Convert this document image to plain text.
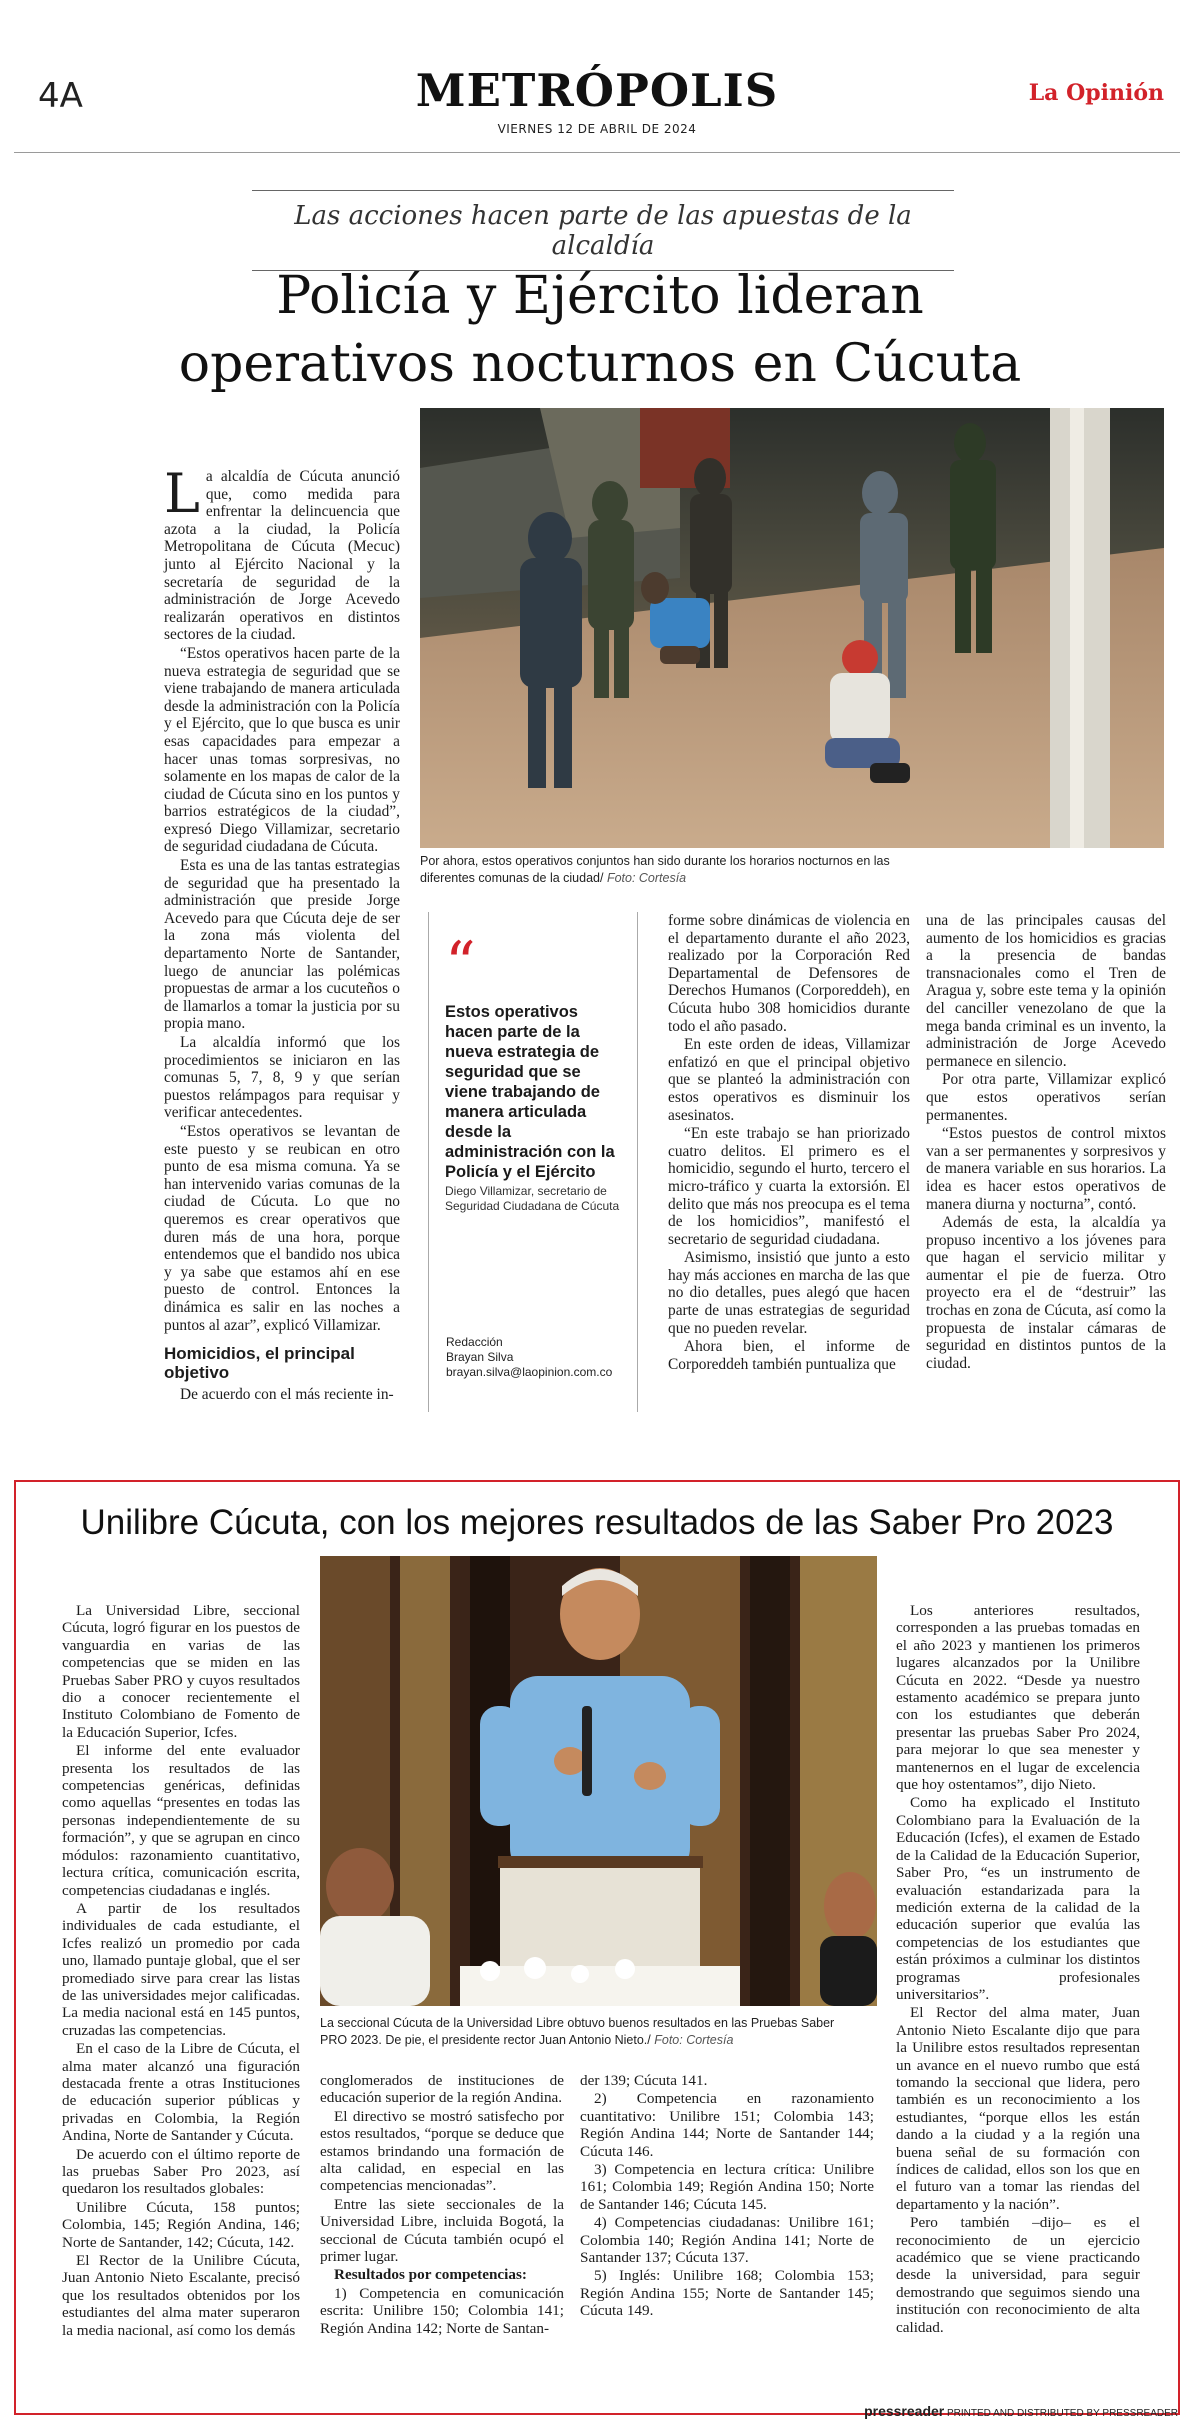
4A	METRÓPOLIS
VIERNES 12 DE ABRIL DE 2024
La Opinión
Las acciones hacen parte de las apuestas de la alcaldía
Policía y Ejército lideran operativos nocturnos en Cúcuta

La alcaldía de Cúcuta anunció que, como medida para enfrentar la delincuencia que azota a la ciudad, la Policía Metropolitana de Cúcuta (Mecuc) junto al Ejército Nacional y la secretaría de seguridad de la administración de Jorge Acevedo realizarán operativos en distintos sectores de la ciudad.

“Estos operativos hacen parte de la nueva estrategia de seguridad que se viene trabajando de manera articulada desde la administración con la Policía y el Ejército, que lo que busca es unir esas capacidades para empezar a hacer unas tomas sorpresivas, no solamente en los mapas de calor de la ciudad de Cúcuta sino en los puntos y barrios estratégicos de la ciudad”, expresó Diego Villamizar, secretario de seguridad ciudadana de Cúcuta.

Esta es una de las tantas estrategias de seguridad que ha presentado la administración que preside Jorge Acevedo para que Cúcuta deje de ser la zona más violenta del departamento Norte de Santander, luego de anunciar las polémicas propuestas de armar a los cucuteños o de llamarlos a tomar la justicia por su propia mano.

La alcaldía informó que los procedimientos se iniciaron en las comunas 5, 7, 8, 9 y que serían puestos relámpagos para requisar y verificar antecedentes.

“Estos operativos se levantan de este puesto y se reubican en otro punto de esa misma comuna. Ya se han intervenido varias comunas de la ciudad de Cúcuta. Lo que no queremos es crear operativos que duren más de una hora, porque entendemos que el bandido nos ubica y ya sabe que estamos ahí en ese puesto de control. Entonces la dinámica es salir en las noches a puntos al azar”, explicó Villamizar.

Homicidios, el principal objetivo

De acuerdo con el más reciente in-

Por ahora, estos operativos conjuntos han sido durante los horarios nocturnos en las diferentes comunas de la ciudad/ Foto: Cortesía
“
Estos operativos hacen parte de la nueva estrategia de seguridad que se viene trabajando de manera articulada desde la administración con la Policía y el Ejército
Diego Villamizar, secretario de Seguridad Ciudadana de Cúcuta
Redacción
Brayan Silva
brayan.silva@laopinion.com.co

forme sobre dinámicas de violencia en el departamento durante el año 2023, realizado por la Corporación Red Departamental de Defensores de Derechos Humanos (Corporeddeh), en Cúcuta hubo 308 homicidios durante todo el año pasado.

En este orden de ideas, Villamizar enfatizó en que el principal objetivo que se planteó la administración con estos operativos es disminuir los asesinatos.

“En este trabajo se han priorizado cuatro delitos. El primero es el homicidio, segundo el hurto, tercero el micro-tráfico y cuarta la extorsión. El delito que más nos preocupa es el tema de los homicidios”, manifestó el secretario de seguridad ciudadana.

Asimismo, insistió que junto a esto hay más acciones en marcha de las que no dio detalles, pues alegó que hacen parte de unas estrategias de seguridad que no pueden revelar.

Ahora bien, el informe de Corporeddeh también puntualiza que

una de las principales causas del aumento de los homicidios es gracias a la presencia de bandas transnacionales como el Tren de Aragua y, sobre este tema y la opinión del canciller venezolano de que la mega banda criminal es un invento, la administración de Jorge Acevedo permanece en silencio.

Por otra parte, Villamizar explicó que estos operativos serían permanentes.

“Estos puestos de control mixtos van a ser permanentes y sorpresivos y de manera variable en sus horarios. La idea es hacer estos operativos de manera diurna y nocturna”, contó.

Además de esta, la alcaldía ya propuso incentivo a los jóvenes para que hagan el servicio militar y aumentar el pie de fuerza. Otro proyecto era el de “destruir” las trochas en zona de Cúcuta, así como la propuesta de instalar cámaras de seguridad en distintos puntos de la ciudad.

Unilibre Cúcuta, con los mejores resultados de las Saber Pro 2023

La Universidad Libre, seccional Cúcuta, logró figurar en los puestos de vanguardia en varias de las competencias que se miden en las Pruebas Saber PRO y cuyos resultados dio a conocer recientemente el Instituto Colombiano de Fomento de la Educación Superior, Icfes.

El informe del ente evaluador presenta los resultados de las competencias genéricas, definidas como aquellas “presentes en todas las personas independientemente de su formación”, y que se agrupan en cinco módulos: razonamiento cuantitativo, lectura crítica, comunicación escrita, competencias ciudadanas e inglés.

A partir de los resultados individuales de cada estudiante, el Icfes realizó un promedio por cada uno, llamado puntaje global, que el ser promediado sirve para crear las listas de las universidades mejor calificadas. La media nacional está en 145 puntos, cruzadas las competencias.

En el caso de la Libre de Cúcuta, el alma mater alcanzó una figuración destacada frente a otras Instituciones de educación superior públicas y privadas en Colombia, la Región Andina, Norte de Santander y Cúcuta.

De acuerdo con el último reporte de las pruebas Saber Pro 2023, así quedaron los resultados globales:

Unilibre Cúcuta, 158 puntos; Colombia, 145; Región Andina, 146; Norte de Santander, 142; Cúcuta, 142.

El Rector de la Unilibre Cúcuta, Juan Antonio Nieto Escalante, precisó que los resultados obtenidos por los estudiantes del alma mater superaron la media nacional, así como los demás

La seccional Cúcuta de la Universidad Libre obtuvo buenos resultados en las Pruebas Saber PRO 2023. De pie, el presidente rector Juan Antonio Nieto./ Foto: Cortesía

conglomerados de instituciones de educación superior de la región Andina.

El directivo se mostró satisfecho por estos resultados, “porque se deduce que estamos brindando una formación de alta calidad, en especial en las competencias mencionadas”.

Entre las siete seccionales de la Universidad Libre, incluida Bogotá, la seccional de Cúcuta también ocupó el primer lugar.

Resultados por competencias:

1) Competencia en comunicación escrita: Unilibre 150; Colombia 141; Región Andina 142; Norte de Santan-

der 139; Cúcuta 141.

2) Competencia en razonamiento cuantitativo: Unilibre 151; Colombia 143; Región Andina 144; Norte de Santander 144; Cúcuta 146.

3) Competencia en lectura crítica: Unilibre 161; Colombia 149; Región Andina 150; Norte de Santander 146; Cúcuta 145.

4) Competencias ciudadanas: Unilibre 161; Colombia 140; Región Andina 141; Norte de Santander 137; Cúcuta 137.

5) Inglés: Unilibre 168; Colombia 153; Región Andina 155; Norte de Santander 145; Cúcuta 149.

Los anteriores resultados, corresponden a las pruebas tomadas en el año 2023 y mantienen los primeros lugares alcanzados por la Unilibre Cúcuta en 2022. “Desde ya nuestro estamento académico se prepara junto con los estudiantes que deberán presentar las pruebas Saber Pro 2024, para mejorar lo que sea menester y mantenernos en el lugar de excelencia que hoy ostentamos”, dijo Nieto.

Como ha explicado el Instituto Colombiano para la Evaluación de la Educación (Icfes), el examen de Estado de la Calidad de la Educación Superior, Saber Pro, “es un instrumento de evaluación estandarizada para la medición externa de la calidad de la educación superior que evalúa las competencias de los estudiantes que están próximos a culminar los distintos programas profesionales universitarios”.

El Rector del alma mater, Juan Antonio Nieto Escalante dijo que para la Unilibre estos resultados representan un avance en el nuevo rumbo que está tomando la seccional que lidera, pero también es un reconocimiento a los estudiantes, “porque ellos les están dando a la ciudad y a la región una buena señal de su formación con índices de calidad, ellos son los que en el futuro van a tomar las riendas del departamento y la nación”.

Pero también –dijo– es el reconocimiento de un ejercicio académico que se viene practicando desde la universidad, para seguir demostrando que seguimos siendo una institución con reconocimiento de alta calidad.

pressreader PRINTED AND DISTRIBUTED BY PRESSREADER
